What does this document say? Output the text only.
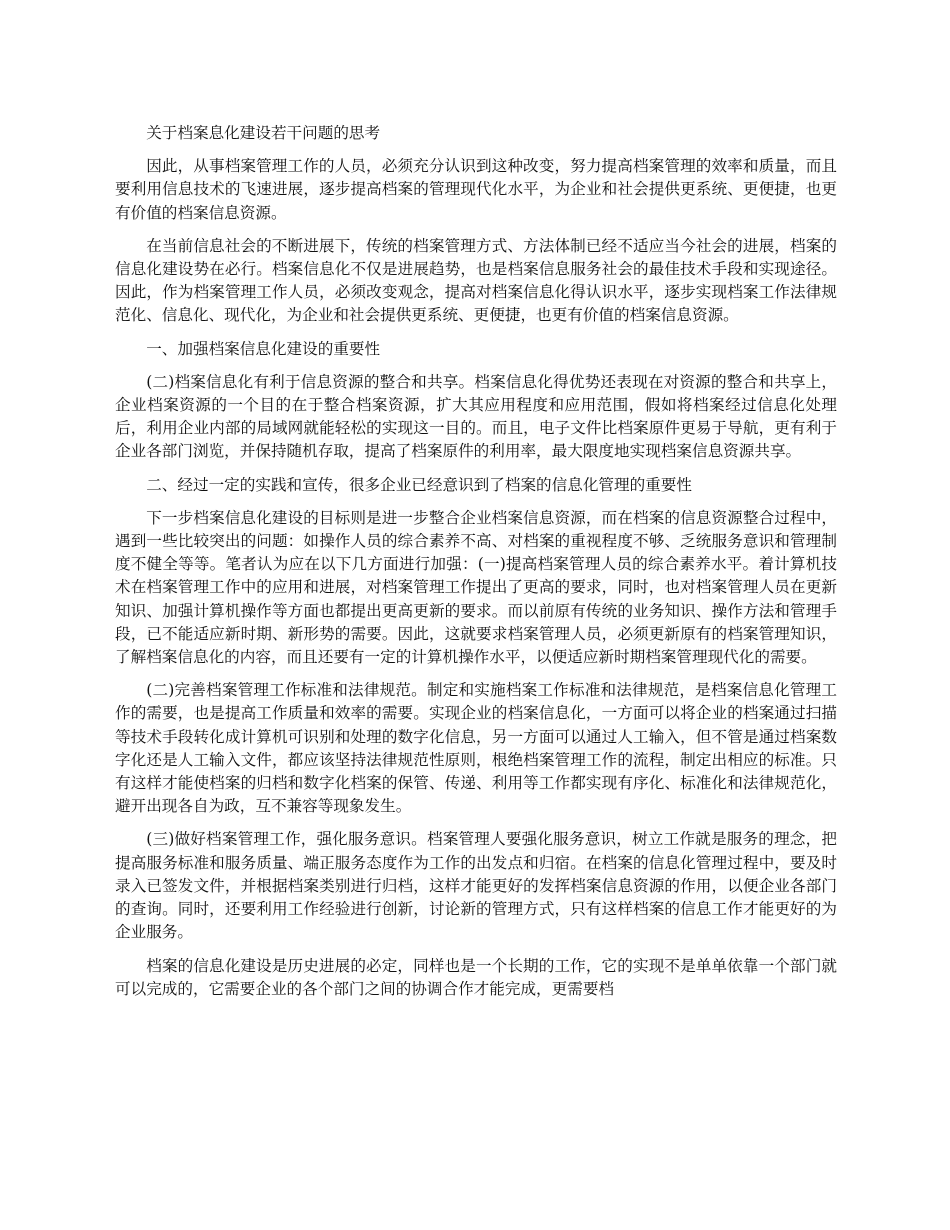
关于档案息化建设若干问题的思考

因此，从事档案管理工作的人员，必须充分认识到这种改变，努力提高档案管理的效率和质量，而且要利用信息技术的飞速进展，逐步提高档案的管理现代化水平，为企业和社会提供更系统、更便捷，也更有价值的档案信息资源。

在当前信息社会的不断进展下，传统的档案管理方式、方法体制已经不适应当今社会的进展，档案的信息化建设势在必行。档案信息化不仅是进展趋势，也是档案信息服务社会的最佳技术手段和实现途径。因此，作为档案管理工作人员，必须改变观念，提高对档案信息化得认识水平，逐步实现档案工作法律规范化、信息化、现代化，为企业和社会提供更系统、更便捷，也更有价值的档案信息资源。

一、加强档案信息化建设的重要性

(二)档案信息化有利于信息资源的整合和共享。档案信息化得优势还表现在对资源的整合和共享上，企业档案资源的一个目的在于整合档案资源，扩大其应用程度和应用范围，假如将档案经过信息化处理后，利用企业内部的局域网就能轻松的实现这一目的。而且，电子文件比档案原件更易于导航，更有利于企业各部门浏览，并保持随机存取，提高了档案原件的利用率，最大限度地实现档案信息资源共享。

二、经过一定的实践和宣传，很多企业已经意识到了档案的信息化管理的重要性

下一步档案信息化建设的目标则是进一步整合企业档案信息资源，而在档案的信息资源整合过程中，遇到一些比较突出的问题：如操作人员的综合素养不高、对档案的重视程度不够、乏统服务意识和管理制度不健全等等。笔者认为应在以下几方面进行加强：(一)提高档案管理人员的综合素养水平。着计算机技术在档案管理工作中的应用和进展，对档案管理工作提出了更高的要求，同时，也对档案管理人员在更新知识、加强计算机操作等方面也都提出更高更新的要求。而以前原有传统的业务知识、操作方法和管理手段，已不能适应新时期、新形势的需要。因此，这就要求档案管理人员，必须更新原有的档案管理知识，了解档案信息化的内容，而且还要有一定的计算机操作水平，以便适应新时期档案管理现代化的需要。

(二)完善档案管理工作标准和法律规范。制定和实施档案工作标准和法律规范，是档案信息化管理工作的需要，也是提高工作质量和效率的需要。实现企业的档案信息化，一方面可以将企业的档案通过扫描等技术手段转化成计算机可识别和处理的数字化信息，另一方面可以通过人工输入，但不管是通过档案数字化还是人工输入文件，都应该坚持法律规范性原则，根绝档案管理工作的流程，制定出相应的标准。只有这样才能使档案的归档和数字化档案的保管、传递、利用等工作都实现有序化、标准化和法律规范化，避开出现各自为政，互不兼容等现象发生。

(三)做好档案管理工作，强化服务意识。档案管理人要强化服务意识，树立工作就是服务的理念，把提高服务标准和服务质量、端正服务态度作为工作的出发点和归宿。在档案的信息化管理过程中，要及时录入已签发文件，并根据档案类别进行归档，这样才能更好的发挥档案信息资源的作用，以便企业各部门的查询。同时，还要利用工作经验进行创新，讨论新的管理方式，只有这样档案的信息工作才能更好的为企业服务。

档案的信息化建设是历史进展的必定，同样也是一个长期的工作，它的实现不是单单依靠一个部门就可以完成的，它需要企业的各个部门之间的协调合作才能完成，更需要档
